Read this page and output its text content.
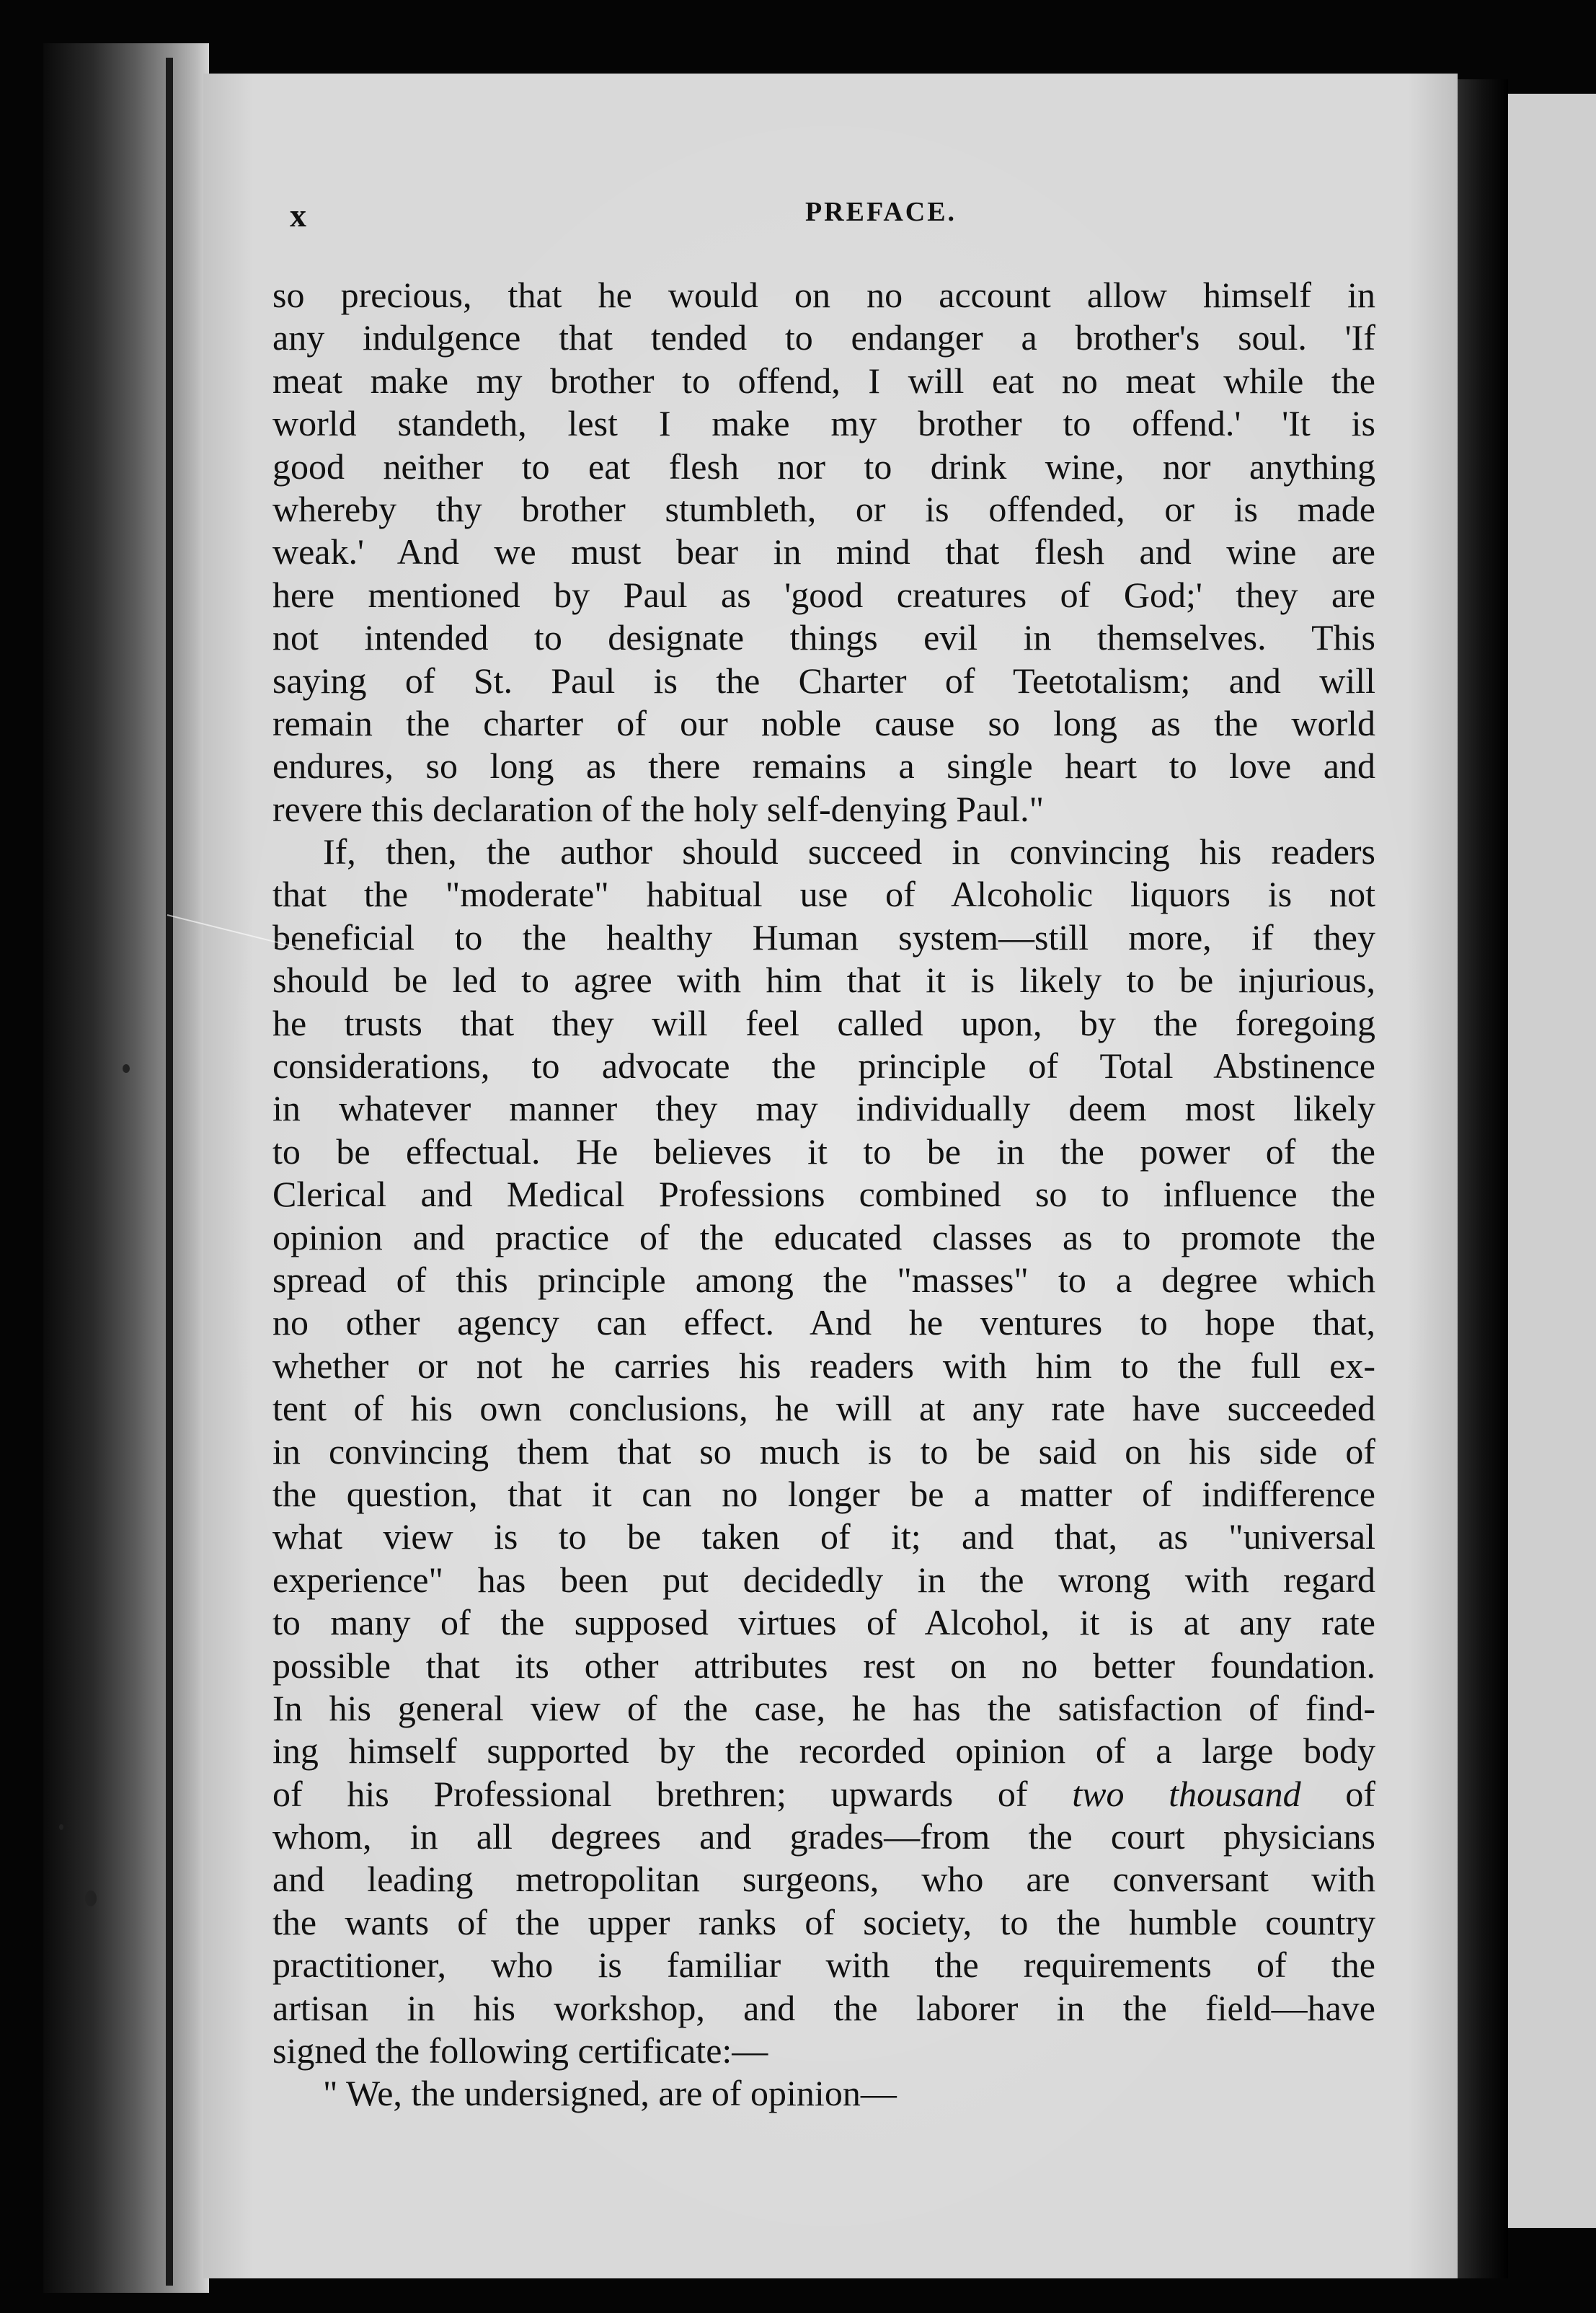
x	PREFACE.
so precious, that he would on no account allow himself in
any indulgence that tended to endanger a brother's soul. 'If
meat make my brother to offend, I will eat no meat while the
world standeth, lest I make my brother to offend.' 'It is
good neither to eat flesh nor to drink wine, nor anything
whereby thy brother stumbleth, or is offended, or is made
weak.' And we must bear in mind that flesh and wine are
here mentioned by Paul as 'good creatures of God;' they are
not intended to designate things evil in themselves. This
saying of St. Paul is the Charter of Teetotalism; and will
remain the charter of our noble cause so long as the world
endures, so long as there remains a single heart to love and
revere this declaration of the holy self-denying Paul."
If, then, the author should succeed in convincing his readers
that the "moderate" habitual use of Alcoholic liquors is not
beneficial to the healthy Human system—still more, if they
should be led to agree with him that it is likely to be injurious,
he trusts that they will feel called upon, by the foregoing
considerations, to advocate the principle of Total Abstinence
in whatever manner they may individually deem most likely
to be effectual. He believes it to be in the power of the
Clerical and Medical Professions combined so to influence the
opinion and practice of the educated classes as to promote the
spread of this principle among the "masses" to a degree which
no other agency can effect. And he ventures to hope that,
whether or not he carries his readers with him to the full ex-
tent of his own conclusions, he will at any rate have succeeded
in convincing them that so much is to be said on his side of
the question, that it can no longer be a matter of indifference
what view is to be taken of it; and that, as "universal
experience" has been put decidedly in the wrong with regard
to many of the supposed virtues of Alcohol, it is at any rate
possible that its other attributes rest on no better foundation.
In his general view of the case, he has the satisfaction of find-
ing himself supported by the recorded opinion of a large body
of his Professional brethren; upwards of two thousand of
whom, in all degrees and grades—from the court physicians
and leading metropolitan surgeons, who are conversant with
the wants of the upper ranks of society, to the humble country
practitioner, who is familiar with the requirements of the
artisan in his workshop, and the laborer in the field—have
signed the following certificate:—
" We, the undersigned, are of opinion—
